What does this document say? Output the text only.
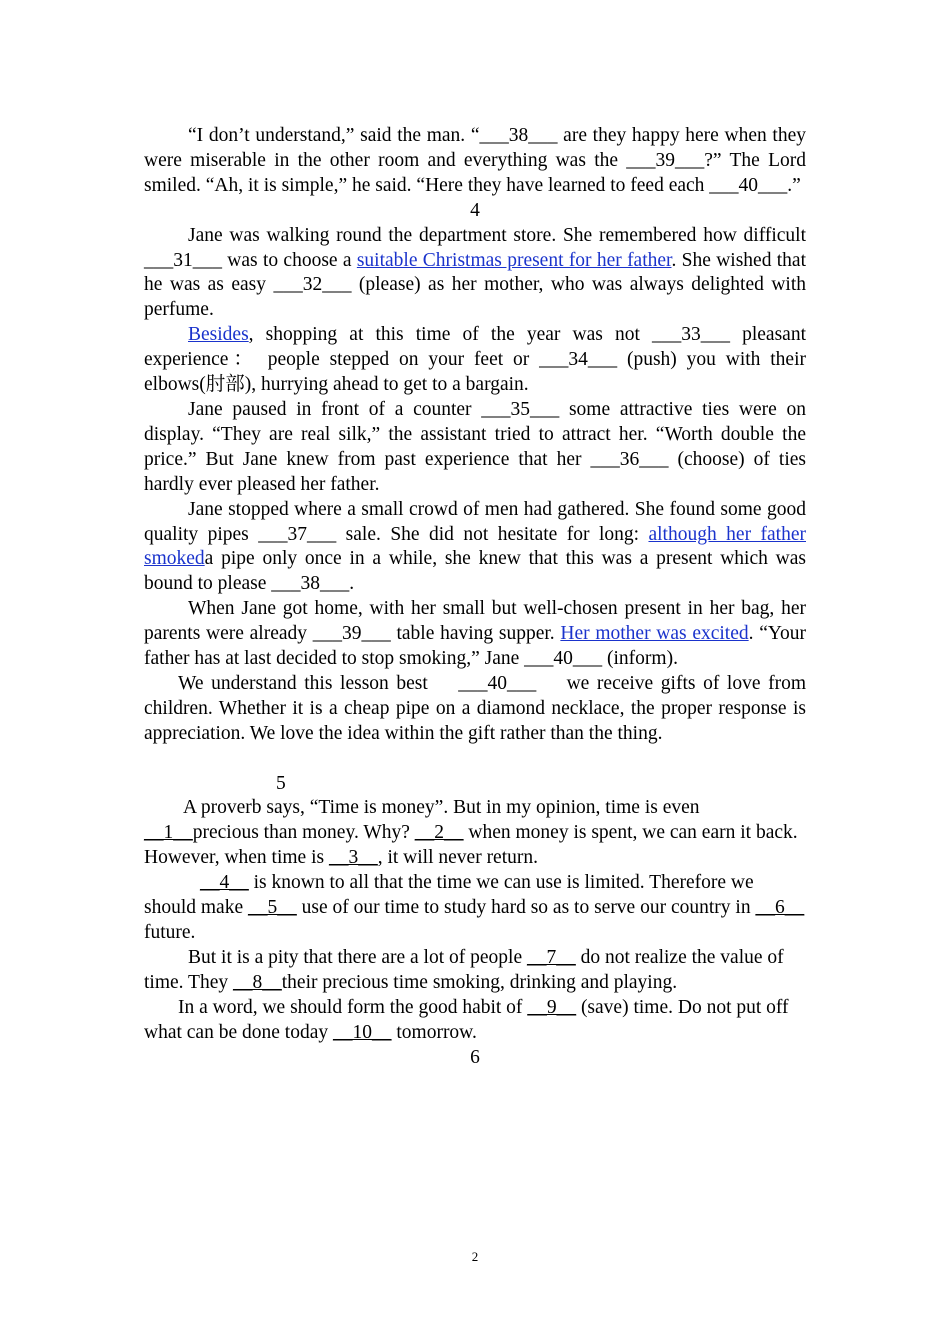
“I don’t understand,” said the man. “___38___ are they happy here when they were miserable in the other room and everything was the ___39___?” The Lord smiled. “Ah, it is simple,” he said. “Here they have learned to feed each ___40___.”

4

Jane was walking round the department store. She remembered how difficult ___31___ was to choose a suitable Christmas present for her father. She wished that he was as easy ___32___ (please) as her mother, who was always delighted with perfume.

Besides, shopping at this time of the year was not ___33___ pleasant experience： people stepped on your feet or ___34___ (push) you with their elbows(肘部), hurrying ahead to get to a bargain.

Jane paused in front of a counter ___35___ some attractive ties were on display. “They are real silk,” the assistant tried to attract her. “Worth double the price.” But Jane knew from past experience that her ___36___ (choose) of ties hardly ever pleased her father.

Jane stopped where a small crowd of men had gathered. She found some good quality pipes ___37___ sale. She did not hesitate for long: although her father smokeda pipe only once in a while, she knew that this was a present which was bound to please ___38___.

When Jane got home, with her small but well-chosen present in her bag, her parents were already ___39___ table having supper. Her mother was excited. “Your father has at last decided to stop smoking,” Jane ___40___ (inform).

We understand this lesson best    ___40___    we receive gifts of love from children. Whether it is a cheap pipe on a diamond necklace, the proper response is appreciation. We love the idea within the gift rather than the thing.

5

A proverb says, “Time is money”. But in my opinion, time is even __1__precious than money. Why? __2__ when money is spent, we can earn it back. However, when time is __3__, it will never return.

__4__ is known to all that the time we can use is limited. Therefore we should make __5__ use of our time to study hard so as to serve our country in __6__ future.

But it is a pity that there are a lot of people __7__ do not realize the value of time. They __8__their precious time smoking, drinking and playing.

In a word, we should form the good habit of __9__ (save) time. Do not put off what can be done today __10__ tomorrow.

6

2
